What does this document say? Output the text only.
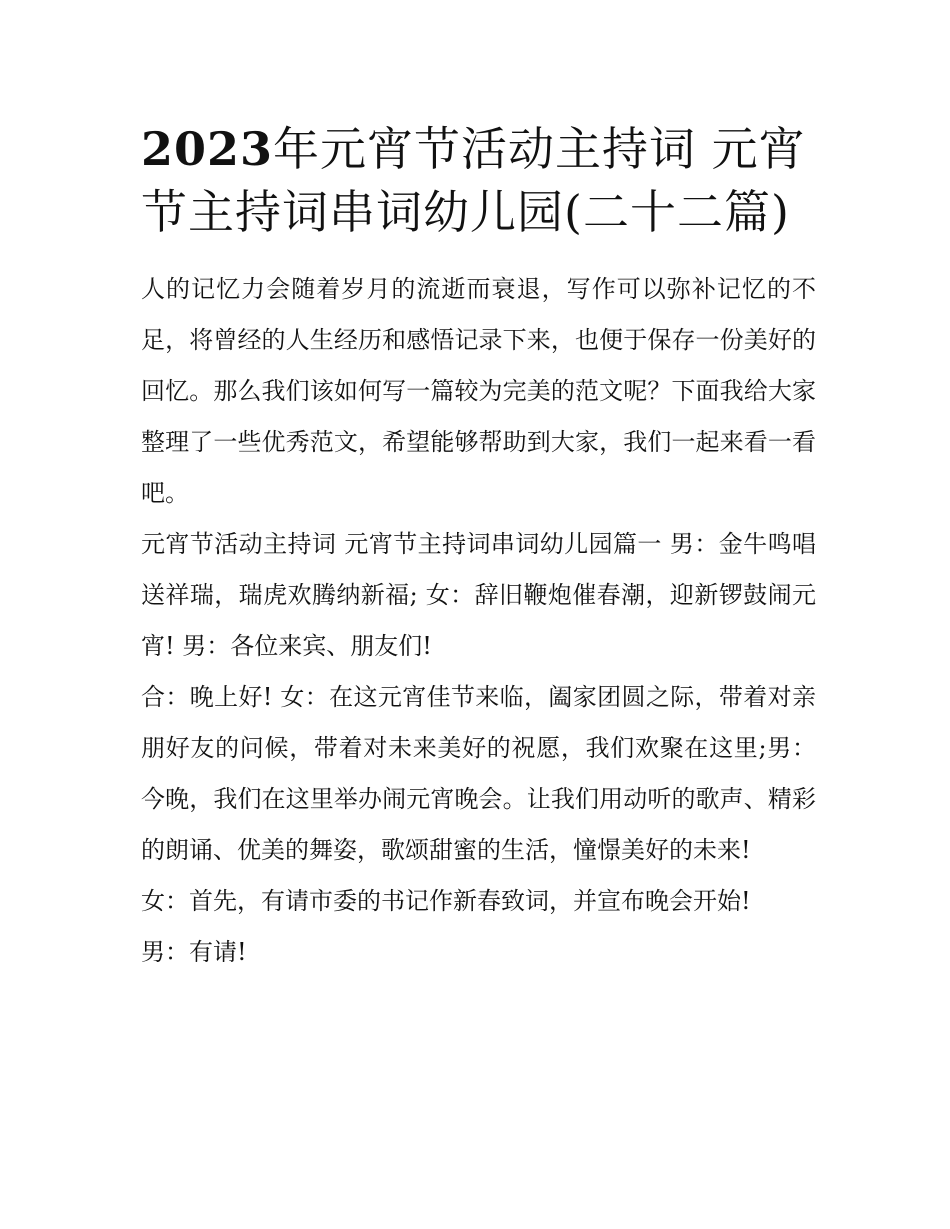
2023年元宵节活动主持词 元宵节主持词串词幼儿园(二十二篇)

人的记忆力会随着岁月的流逝而衰退，写作可以弥补记忆的不足，将曾经的人生经历和感悟记录下来，也便于保存一份美好的回忆。那么我们该如何写一篇较为完美的范文呢？下面我给大家整理了一些优秀范文，希望能够帮助到大家，我们一起来看一看吧。

元宵节活动主持词 元宵节主持词串词幼儿园篇一 男：金牛鸣唱送祥瑞，瑞虎欢腾纳新福; 女：辞旧鞭炮催春潮，迎新锣鼓闹元宵! 男：各位来宾、朋友们!

合：晚上好! 女：在这元宵佳节来临，阖家团圆之际，带着对亲朋好友的问候，带着对未来美好的祝愿，我们欢聚在这里;男：今晚，我们在这里举办闹元宵晚会。让我们用动听的歌声、精彩的朗诵、优美的舞姿，歌颂甜蜜的生活，憧憬美好的未来!

女：首先，有请市委的书记作新春致词，并宣布晚会开始!

男：有请!
